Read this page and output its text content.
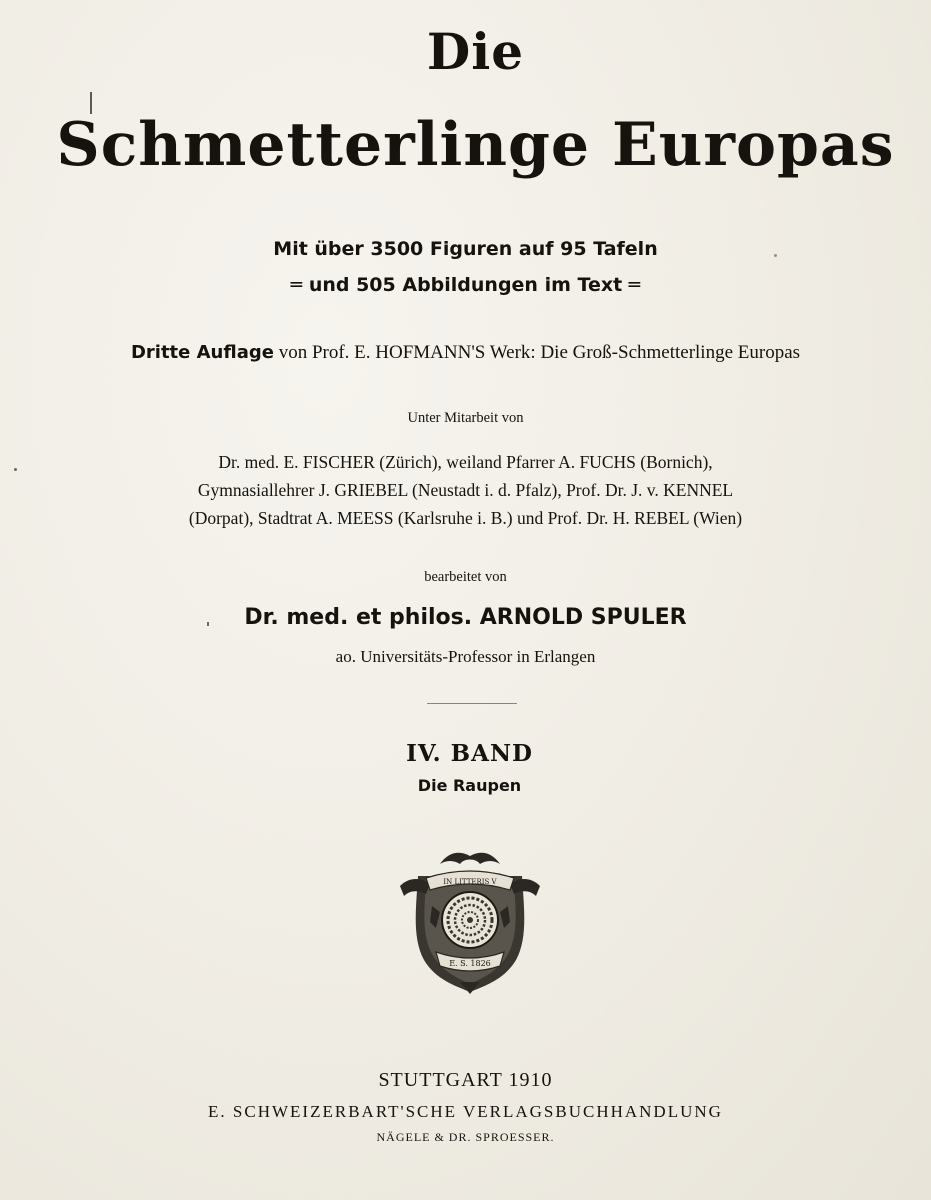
Die
Schmetterlinge Europas
Mit über 3500 Figuren auf 95 Tafeln
═ und 505 Abbildungen im Text ═
Dritte Auflage von Prof. E. HOFMANN'S Werk: Die Groß-Schmetterlinge Europas
Unter Mitarbeit von
Dr. med. E. FISCHER (Zürich), weiland Pfarrer A. FUCHS (Bornich),
Gymnasiallehrer J. GRIEBEL (Neustadt i. d. Pfalz), Prof. Dr. J. v. KENNEL
(Dorpat), Stadtrat A. MEESS (Karlsruhe i. B.) und Prof. Dr. H. REBEL (Wien)
bearbeitet von
Dr. med. et philos. ARNOLD SPULER
ao. Universitäts-Professor in Erlangen
IV. BAND
Die Raupen
IN LITTERIS V
E. S. 1826
STUTTGART 1910
E. SCHWEIZERBART'SCHE VERLAGSBUCHHANDLUNG
NÄGELE & DR. SPROESSER.
